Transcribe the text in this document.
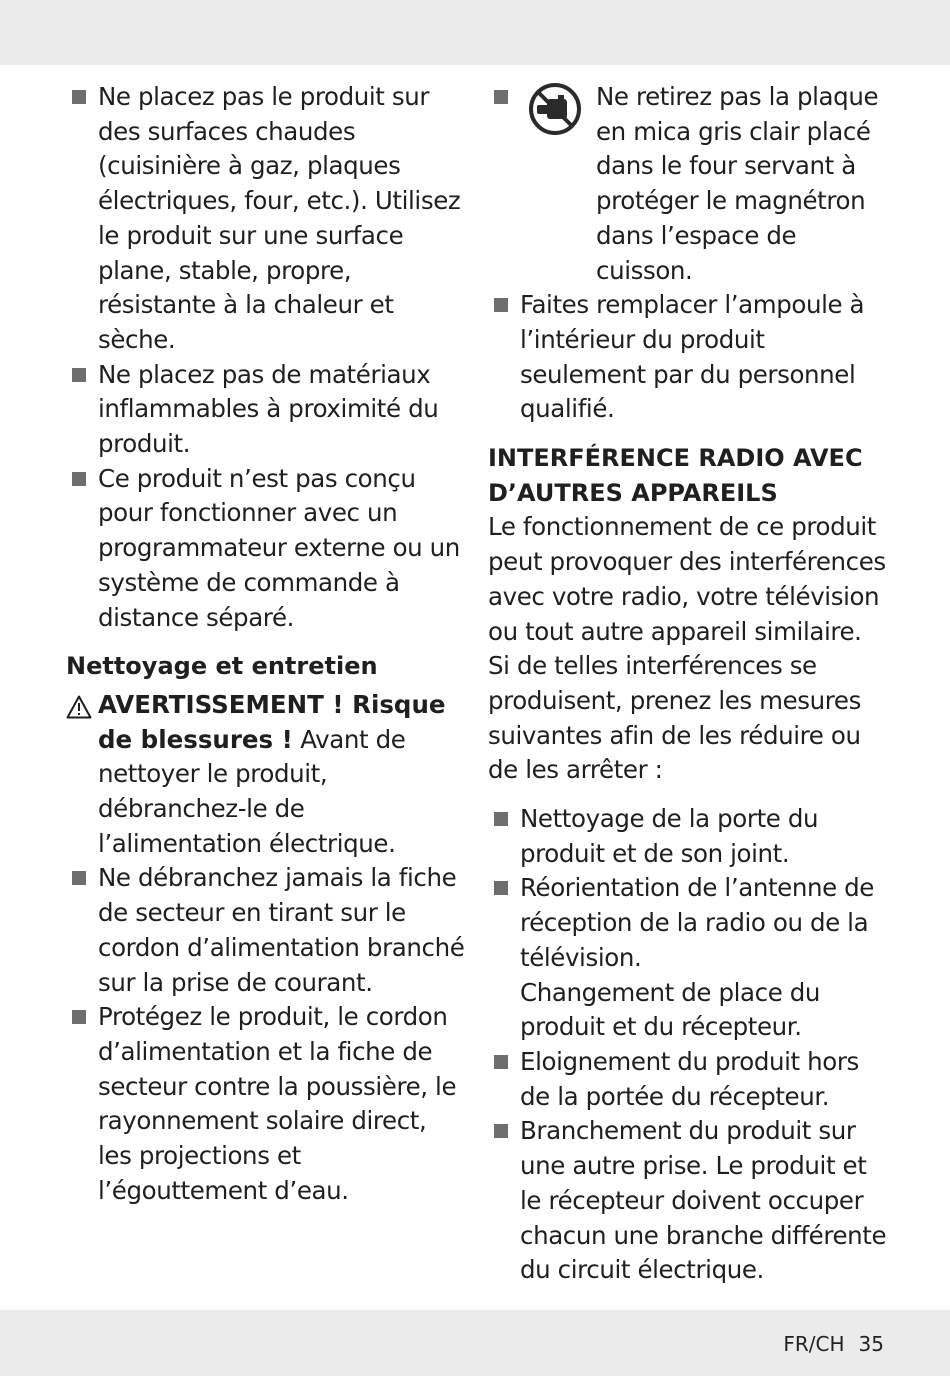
Ne placez pas le produit sur des surfaces chaudes (cuisinière à gaz, plaques électriques, four, etc.). Utilisez le produit sur une surface plane, stable, propre, résistante à la chaleur et sèche.
Ne placez pas de matériaux inflammables à proximité du produit.
Ce produit n’est pas conçu pour fonctionner avec un programmateur externe ou un système de commande à distance séparé.
Nettoyage et entretien
AVERTISSEMENT ! Risque de blessures ! Avant de nettoyer le produit, débranchez-le de l’alimentation électrique.
Ne débranchez jamais la fiche de secteur en tirant sur le cordon d’alimentation branché sur la prise de courant.
Protégez le produit, le cordon d’alimentation et la fiche de secteur contre la poussière, le rayonnement solaire direct, les projections et l’égouttement d’eau.
Ne retirez pas la plaque en mica gris clair placé dans le four servant à protéger le magnétron dans l’espace de cuisson.
Faites remplacer l’ampoule à l’intérieur du produit seulement par du personnel qualifié.
INTERFÉRENCE RADIO AVEC D’AUTRES APPAREILS

Le fonctionnement de ce produit peut provoquer des interférences avec votre radio, votre télévision ou tout autre appareil similaire. Si de telles interférences se produisent, prenez les mesures suivantes afin de les réduire ou de les arrêter :

Nettoyage de la porte du produit et de son joint.
Réorientation de l’antenne de réception de la radio ou de la télévision.
Changement de place du produit et du récepteur.
Eloignement du produit hors de la portée du récepteur.
Branchement du produit sur une autre prise. Le produit et le récepteur doivent occuper chacun une branche différente du circuit électrique.
FR/CH 35
